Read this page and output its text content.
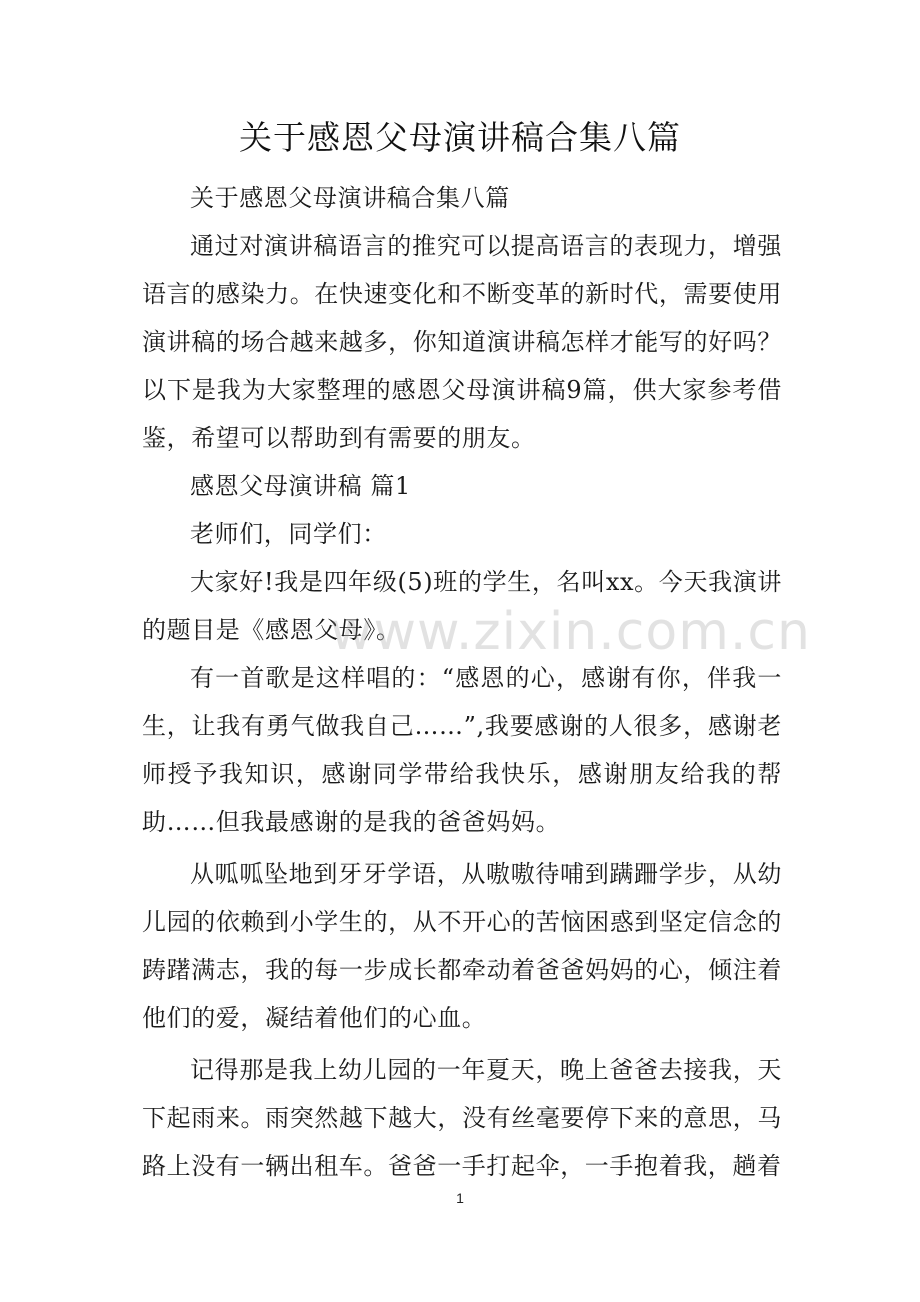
关于感恩父母演讲稿合集八篇

关于感恩父母演讲稿合集八篇

通过对演讲稿语言的推究可以提高语言的表现力，增强语言的感染力。在快速变化和不断变革的新时代，需要使用演讲稿的场合越来越多，你知道演讲稿怎样才能写的好吗？以下是我为大家整理的感恩父母演讲稿9篇，供大家参考借鉴，希望可以帮助到有需要的朋友。

感恩父母演讲稿 篇1

老师们，同学们：

大家好!我是四年级(5)班的学生，名叫xx。今天我演讲的题目是《感恩父母》。

有一首歌是这样唱的：“感恩的心，感谢有你，伴我一生，让我有勇气做我自己……”,我要感谢的人很多，感谢老师授予我知识，感谢同学带给我快乐，感谢朋友给我的帮助……但我最感谢的是我的爸爸妈妈。

从呱呱坠地到牙牙学语，从嗷嗷待哺到蹒跚学步，从幼儿园的依赖到小学生的，从不开心的苦恼困惑到坚定信念的踌躇满志，我的每一步成长都牵动着爸爸妈妈的心，倾注着他们的爱，凝结着他们的心血。

记得那是我上幼儿园的一年夏天，晚上爸爸去接我，天下起雨来。雨突然越下越大，没有丝毫要停下来的意思，马路上没有一辆出租车。爸爸一手打起伞，一手抱着我，趟着

www.zixin.com.cn
1
